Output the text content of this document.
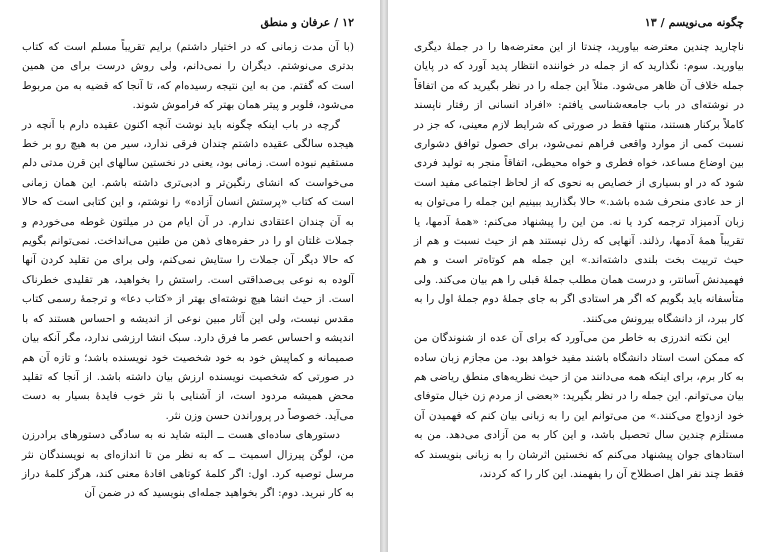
۱۲/عرفان و منطق

(با آن مدت زمانی که در اختیار داشتم) برایم تقریباً مسلم است که کتاب بدتری می‌نوشتم. دیگران را نمی‌دانم، ولی روش درست برای من همین است که گفتم. من به این نتیجه رسیده‌ام که، تا آنجا که قضیه به من مربوط می‌شود، فلوبر و پیتر همان بهتر که فراموش شوند.

گرچه در باب اینکه چگونه باید نوشت آنچه اکنون عقیده دارم با آنچه در هیجده سالگی عقیده داشتم چندان فرقی ندارد، سیر من به هیچ رو بر خط مستقیم نبوده است. زمانی بود، یعنی در نخستین سالهای این قرن مدتی دلم می‌خواست که انشای رنگین‌تر و ادبی‌تری داشته باشم. این همان زمانی است که کتاب «پرستش انسان آزاده» را نوشتم، و این کتابی است که حالا به آن چندان اعتقادی ندارم. در آن ایام من در میلتون غوطه می‌خوردم و جملات غلتان او را در حفره‌های ذهن من طنین می‌انداخت. نمی‌توانم بگویم که حالا دیگر آن جملات را ستایش نمی‌کنم، ولی برای من تقلید کردن آنها آلوده به نوعی بی‌صداقتی است. راستش را بخواهید، هر تقلیدی خطرناک است. از حیث انشا هیچ نوشته‌ای بهتر از «کتاب دعا» و ترجمهٔ رسمی کتاب مقدس نیست، ولی این آثار مبین نوعی از اندیشه و احساس هستند که با اندیشه و احساس عصر ما فرق دارد. سبک انشا ارزشی ندارد، مگر آنکه بیان صمیمانه و کماپیش خود به خود شخصیت خود نویسنده باشد؛ و تازه آن هم در صورتی که شخصیت نویسنده ارزش بیان داشته باشد. از آنجا که تقلید محض همیشه مردود است، از آشنایی با نثر خوب فایدهٔ بسیار به دست می‌آید. خصوصاً در پروراندن حسن وزن نثر.

دستورهای ساده‌ای هست ــ البته شاید نه به سادگی دستورهای برادرزن من، لوگن پیرزال اسمیت ــ که به نظر من تا اندازه‌ای به نویسندگان نثر مرسل توصیه کرد. اول: اگر کلمهٔ کوتاهی افادهٔ معنی کند، هرگز کلمهٔ دراز به کار نبرید. دوم: اگر بخواهید جمله‌ای بنویسید که در ضمن آن

چگونه می‌نویسم/۱۳

ناچارید چندین معترضه بیاورید، چندتا از این معترضه‌ها را در جملهٔ دیگری بیاورید. سوم: نگذارید که از جمله در خواننده انتظار پدید آورد که در پایان جمله خلاف آن ظاهر می‌شود. مثلاً این جمله را در نظر بگیرید که من اتفاقاً در نوشته‌ای در باب جامعه‌شناسی یافتم: «افراد انسانی از رفتار ناپسند کاملاً برکنار هستند، منتها فقط در صورتی که شرایط لازم معینی، که جز در نسبت کمی از موارد واقعی فراهم نمی‌شود، برای حصول توافق دشواری بین اوضاع مساعد، خواه فطری و خواه محیطی، اتفاقاً منجر به تولید فردی شود که در او بسیاری از خصایص به نحوی که از لحاظ اجتماعی مفید است از حد عادی منحرف شده باشد.» حالا بگذارید ببینیم این جمله را می‌توان به زبان آدمیزاد ترجمه کرد یا نه. من این را پیشنهاد می‌کنم: «همهٔ آدمها، یا تقریباً همهٔ آدمها، رذلند. آنهایی که رذل نیستند هم از حیث نسبت و هم از حیث تربیت بخت بلندی داشته‌اند.» این جمله هم کوتاه‌تر است و هم فهمیدنش آسانتر، و درست همان مطلب جملهٔ قبلی را هم بیان می‌کند. ولی متأسفانه باید بگویم که اگر هر استادی اگر به جای جملهٔ دوم جملهٔ اول را به کار ببرد، از دانشگاه بیرونش می‌کنند.

این نکته اندرزی به خاطر من می‌آورد که برای آن عده از شنوندگان من که ممکن است استاد دانشگاه باشند مفید خواهد بود. من مجازم زبان ساده به کار برم، برای اینکه همه می‌دانند من از حیث نظریه‌های منطق ریاضی هم بیان می‌توانم. این جمله را در نظر بگیرید: «بعضی از مردم زن خیال متوفای خود ازدواج می‌کنند.» من می‌توانم این را به زبانی بیان کنم که فهمیدن آن مستلزم چندین سال تحصیل باشد، و این کار به من آزادی می‌دهد. من به استادهای جوان پیشنهاد می‌کنم که نخستین اثرشان را به زبانی بنویسند که فقط چند نفر اهل اصطلاح آن را بفهمند. این کار را که کردند،
